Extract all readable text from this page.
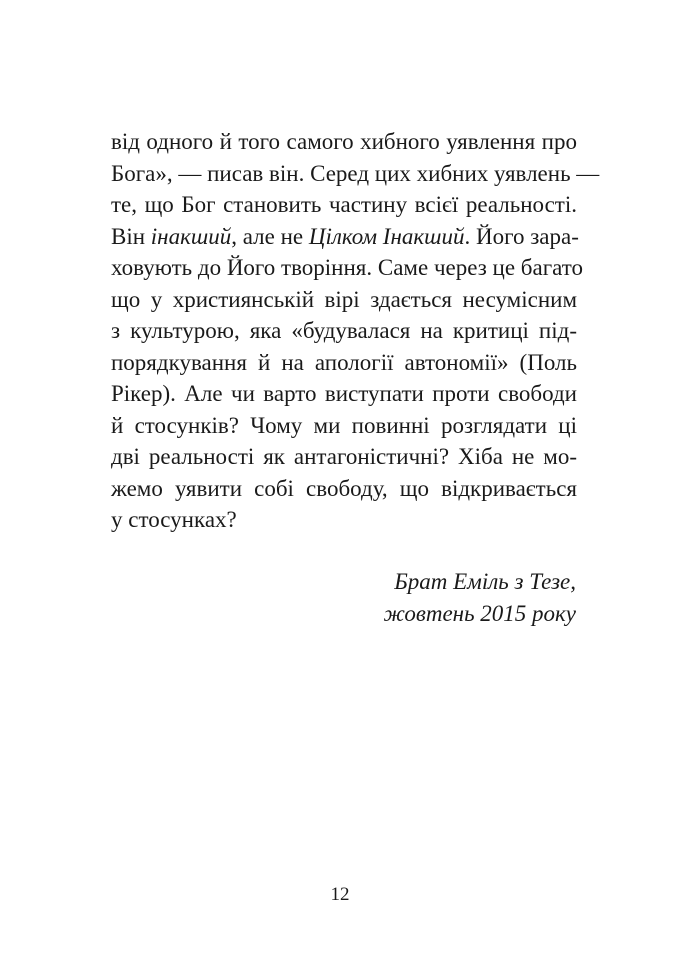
від одного й того самого хибного уявлення про
Бога», — писав він. Серед цих хибних уявлень —
те, що Бог становить частину всієї реальності.
Він інакший, але не Цілком Інакший. Його зара-
ховують до Його творіння. Саме через це багато
що у християнській вірі здається несумісним
з культурою, яка «будувалася на критиці під-
порядкування й на апології автономії» (Поль
Рікер). Але чи варто виступати проти свободи
й стосунків? Чому ми повинні розглядати ці
дві реальності як антагоністичні? Хіба не мо-
жемо уявити собі свободу, що відкривається
у стосунках?
Брат Еміль з Тезе,
жовтень 2015 року
12
